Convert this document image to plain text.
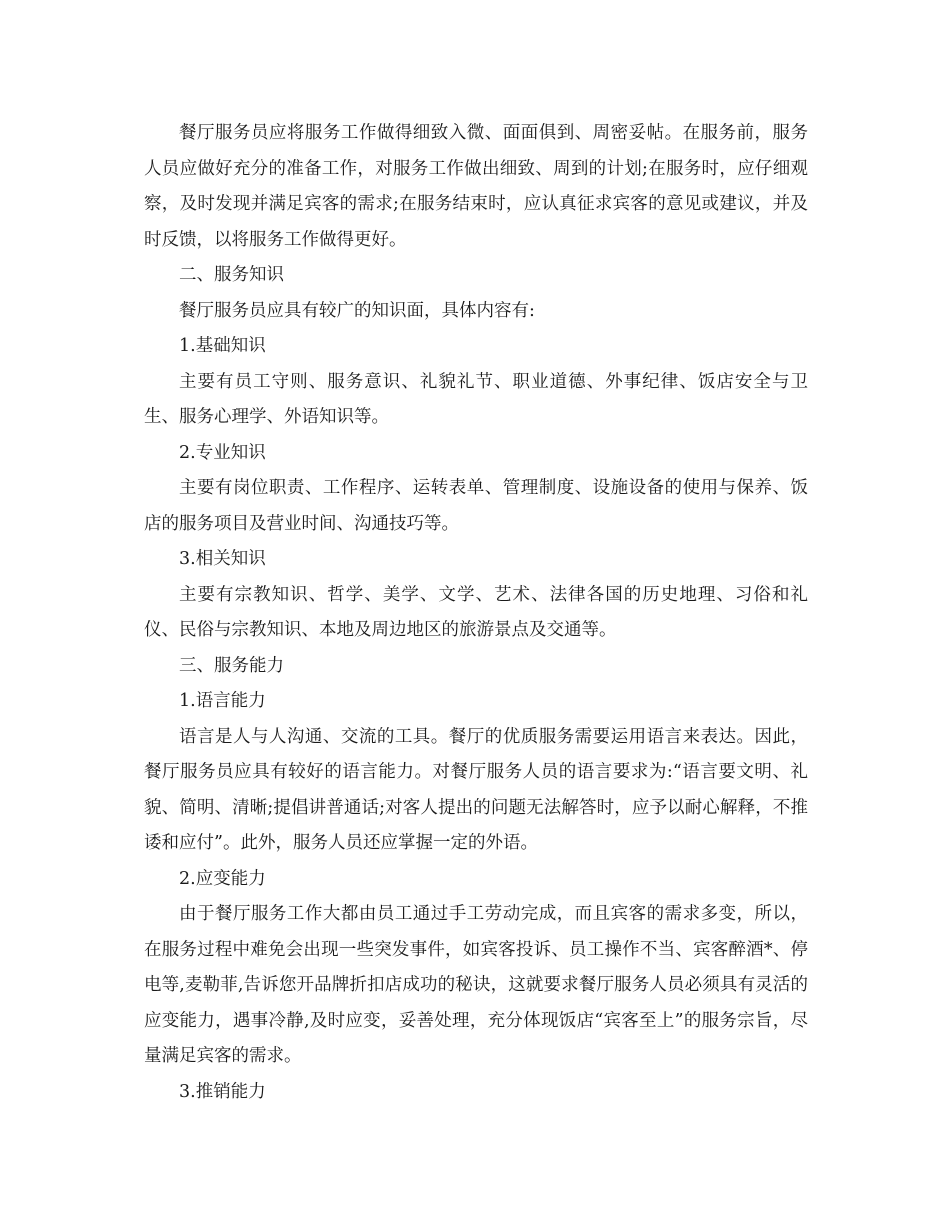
餐厅服务员应将服务工作做得细致入微、面面俱到、周密妥帖。在服务前，服务人员应做好充分的准备工作，对服务工作做出细致、周到的计划;在服务时，应仔细观察，及时发现并满足宾客的需求;在服务结束时，应认真征求宾客的意见或建议，并及时反馈，以将服务工作做得更好。

二、服务知识

餐厅服务员应具有较广的知识面，具体内容有:

1.基础知识

主要有员工守则、服务意识、礼貌礼节、职业道德、外事纪律、饭店安全与卫生、服务心理学、外语知识等。

2.专业知识

主要有岗位职责、工作程序、运转表单、管理制度、设施设备的使用与保养、饭店的服务项目及营业时间、沟通技巧等。

3.相关知识

主要有宗教知识、哲学、美学、文学、艺术、法律各国的历史地理、习俗和礼仪、民俗与宗教知识、本地及周边地区的旅游景点及交通等。

三、服务能力

1.语言能力

语言是人与人沟通、交流的工具。餐厅的优质服务需要运用语言来表达。因此，餐厅服务员应具有较好的语言能力。对餐厅服务人员的语言要求为:“语言要文明、礼貌、简明、清晰;提倡讲普通话;对客人提出的问题无法解答时，应予以耐心解释，不推诿和应付”。此外，服务人员还应掌握一定的外语。

2.应变能力

由于餐厅服务工作大都由员工通过手工劳动完成，而且宾客的需求多变，所以，在服务过程中难免会出现一些突发事件，如宾客投诉、员工操作不当、宾客醉酒*、停电等,麦勒菲,告诉您开品牌折扣店成功的秘诀，这就要求餐厅服务人员必须具有灵活的应变能力，遇事冷静,及时应变，妥善处理，充分体现饭店“宾客至上”的服务宗旨，尽量满足宾客的需求。

3.推销能力
